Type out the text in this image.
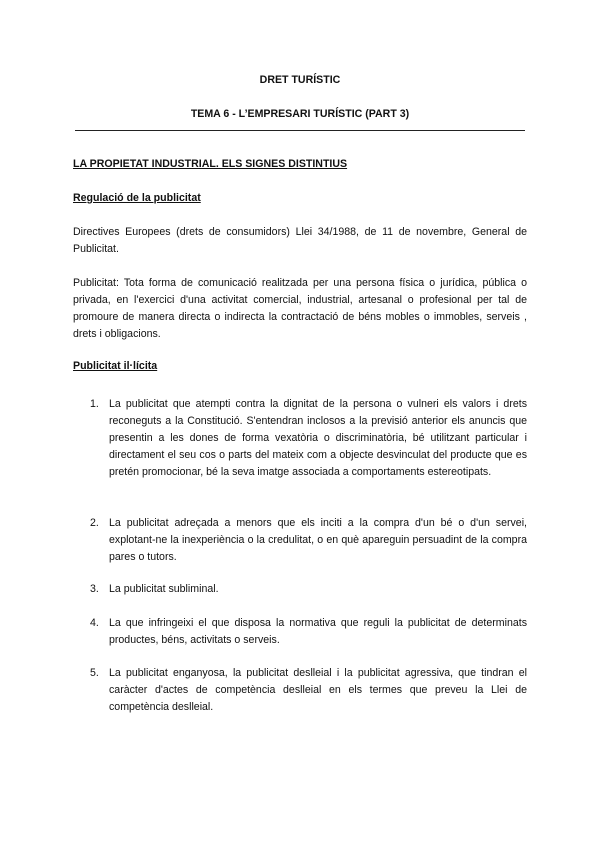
DRET TURÍSTIC
TEMA 6 - L’EMPRESARI TURÍSTIC (PART 3)
LA PROPIETAT INDUSTRIAL. ELS SIGNES DISTINTIUS
Regulació de la publicitat
Directives Europees (drets de consumidors) Llei 34/1988, de 11 de novembre, General de Publicitat.
Publicitat: Tota forma de comunicació realitzada per una persona física o jurídica, pública o privada, en l'exercici d'una activitat comercial, industrial, artesanal o profesional per tal de promoure de manera directa o indirecta la contractació de béns mobles o immobles, serveis , drets i obligacions.
Publicitat il·lícita
1. La publicitat que atempti contra la dignitat de la persona o vulneri els valors i drets reconeguts a la Constitució. S'entendran inclosos a la previsió anterior els anuncis que presentin a les dones de forma vexatòria o discriminatòria, bé utilitzant particular i directament el seu cos o parts del mateix com a objecte desvinculat del producte que es pretén promocionar, bé la seva imatge associada a comportaments estereotipats.
2. La publicitat adreçada a menors que els inciti a la compra d'un bé o d'un servei, explotant-ne la inexperiència o la credulitat, o en què apareguin persuadint de la compra pares o tutors.
3. La publicitat subliminal.
4. La que infringeixi el que disposa la normativa que reguli la publicitat de determinats productes, béns, activitats o serveis.
5. La publicitat enganyosa, la publicitat deslleial i la publicitat agressiva, que tindran el caràcter d'actes de competència deslleial en els termes que preveu la Llei de competència deslleial.
